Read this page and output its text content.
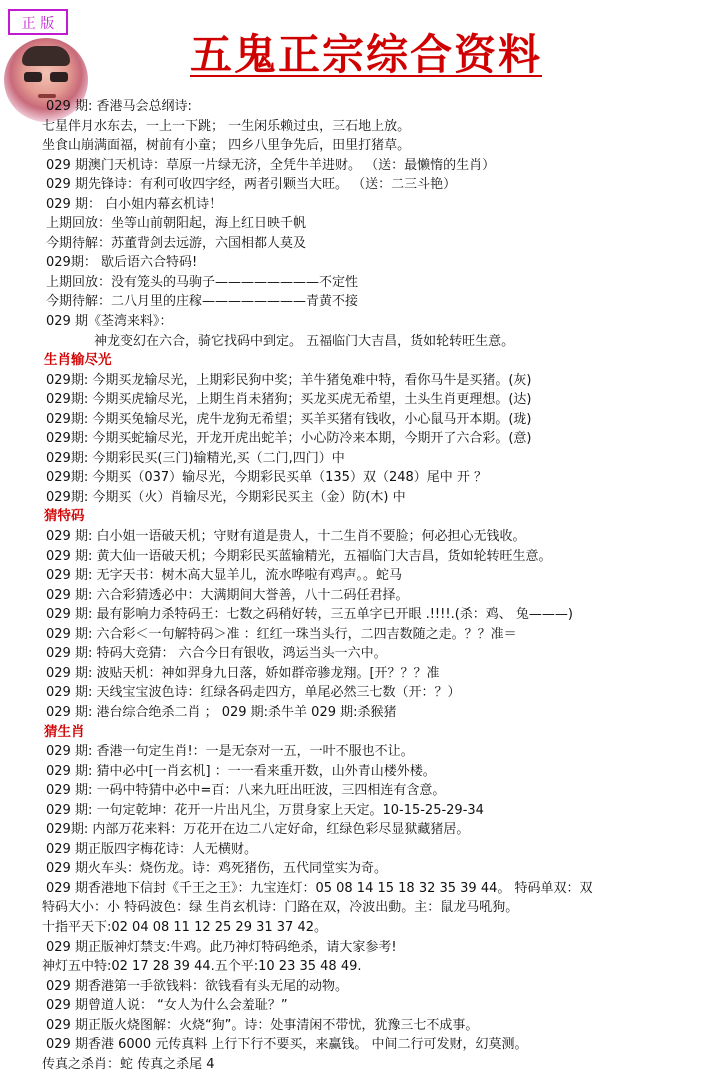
正 版
五鬼正宗综合资料
029 期: 香港马会总纲诗:
七星伴月水东去，一上一下跳； 一生闲乐赖过虫，三石地上放。
坐食山崩满面福，树前有小童； 四乡八里争先后，田里打猪草。
029 期澳门天机诗：草原一片绿无济，全凭牛羊进财。 （送：最懒惰的生肖）
029 期先锋诗：有利可收四字经，两者引颗当大旺。 （送：二三斗艳）
029 期： 白小姐内幕玄机诗！
上期回放：坐等山前朝阳起，海上红日映千帆
今期待解：苏董背剑去远游，六国相都人莫及
029期： 歇后语六合特码!
上期回放：没有笼头的马驹子————————不定性
今期待解：二八月里的庄稼————————青黄不接
029 期《荃湾来料》：
神龙变幻在六合，骑它找码中到定。 五福临门大吉昌，货如轮转旺生意。
生肖输尽光
029期: 今期买龙输尽光，上期彩民狗中奖；羊牛猪兔难中特，看你马牛是买猪。(灰)
029期: 今期买虎输尽光，上期生肖未猪狗；买龙买虎无希望，土头生肖更理想。(达)
029期: 今期买兔输尽光，虎牛龙狗无希望；买羊买猪有钱收，小心鼠马开本期。(珑)
029期: 今期买蛇输尽光，开龙开虎出蛇羊；小心防冷来本期，今期开了六合彩。(意)
029期: 今期彩民买(三门)输精光,买（二门,四门）中
029期: 今期买（037）输尽光，今期彩民买单（135）双（248）尾中 开 ？
029期: 今期买（火）肖输尽光，今期彩民买主（金）防(木) 中
猜特码
029 期: 白小姐一语破天机；守财有道是贵人，十二生肖不要脸；何必担心无钱收。
029 期: 黄大仙一语破天机；今期彩民买蓝输精光，五福临门大吉昌，货如轮转旺生意。
029 期: 无字天书：树木高大显羊儿，流水哗啦有鸡声。。蛇马
029 期: 六合彩猜透必中：大满期间大誉善，八十二码任君择。
029 期: 最有影响力杀特码王：七数之码稍好转，三五单字已开眼 .!!!!.(杀：鸡、 兔———)
029 期: 六合彩＜一句解特码＞准 ：红红一珠当头行，二四吉数随之走。？？准＝
029 期: 特码大竞猜： 六合今日有银收，鸿运当头一六中。
029 期: 波贴天机：神如羿身九日落，娇如群帝骖龙翔。[开？？？准
029 期: 天线宝宝波色诗：红绿各码走四方，单尾必然三七数（开：？）
029 期: 港台综合绝杀二肖 ； 029 期:杀牛羊 029 期:杀猴猪
猜生肖
029 期: 香港一句定生肖!：一是无奈对一五，一叶不服也不让。
029 期: 猜中必中[一肖玄机] ：一一看来重开数，山外青山楼外楼。
029 期: 一码中特猜中必中=百：八来九旺出旺波，三四相连有含意。
029 期: 一句定乾坤：花开一片出凡尘，万贯身家上天定。10-15-25-29-34
029期: 内部万花来料：万花开在边二八定好命，红绿色彩尽显狱藏猪居。
029 期正版四字梅花诗：人无横财。
029 期火车头：烧伤龙。诗：鸡死猪伤，五代同堂实为奇。
029 期香港地下信封《千王之王》：九宝连灯：05 08 14 15 18 32 35 39 44。 特码单双：双
特码大小：小 特码波色：绿 生肖玄机诗：门路在双，冷波出動。主：鼠龙马吼狗。
十指平天下:02 04 08 11 12 25 29 31 37 42。
029 期正版神灯禁支:牛鸡。此乃神灯特码绝杀，请大家参考!
神灯五中特:02 17 28 39 44.五个平:10 23 35 48 49.
029 期香港第一手欲钱料：欲钱看有头无尾的动物。
029 期曾道人说： “女人为什么会羞耻？”
029 期正版火烧图解：火烧“狗”。诗：处事清闲不带忧，犹豫三七不成事。
029 期香港 6000 元传真料 上行下行不要买，来赢钱。 中间二行可发财，幻莫测。
传真之杀肖：蛇 传真之杀尾 4
